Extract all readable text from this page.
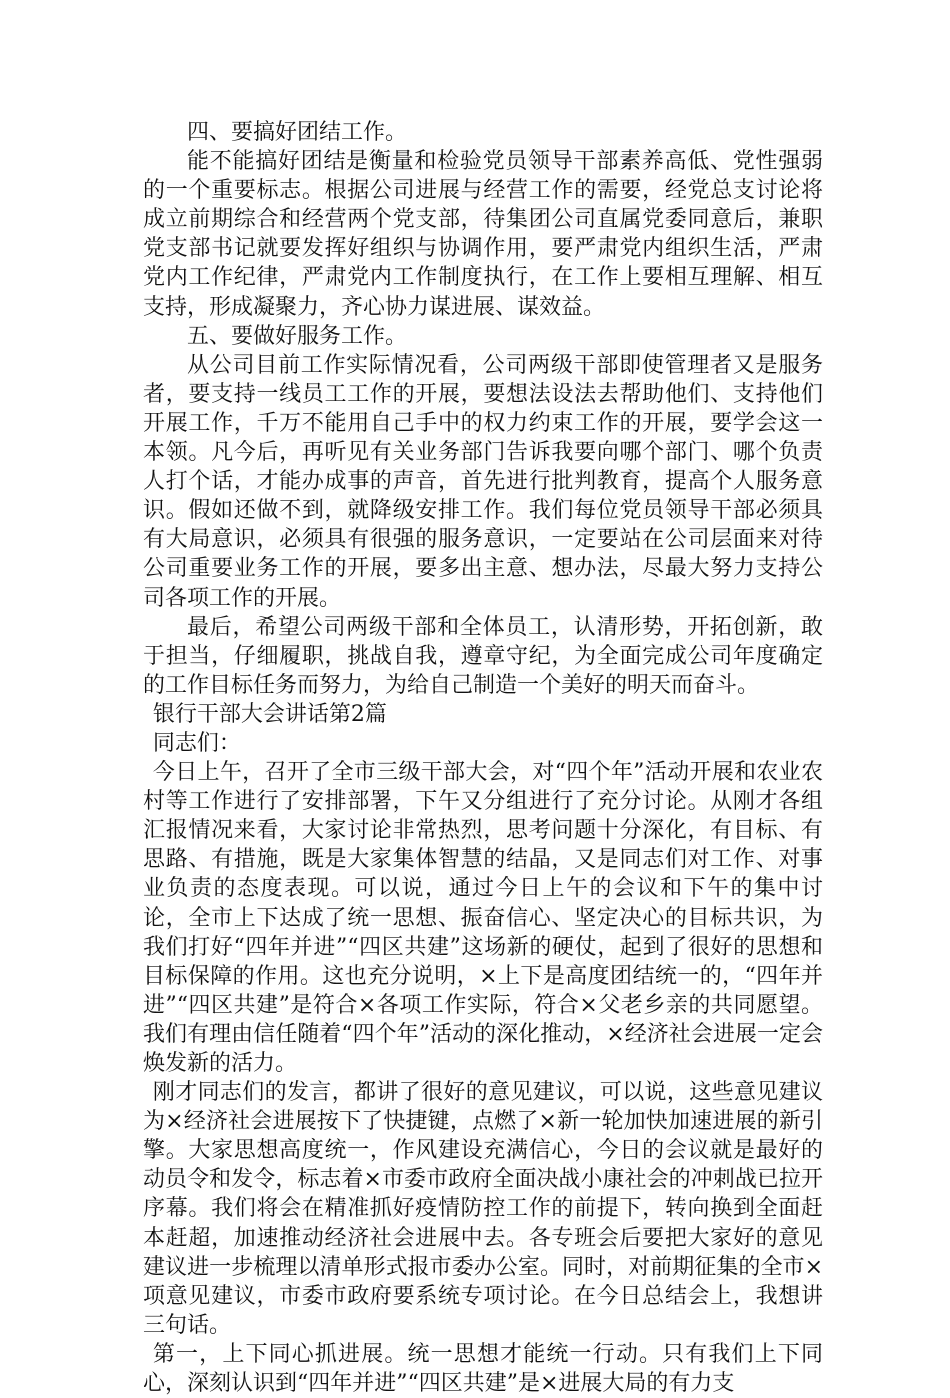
四、要搞好团结工作。

能不能搞好团结是衡量和检验党员领导干部素养高低、党性强弱的一个重要标志。根据公司进展与经营工作的需要，经党总支讨论将成立前期综合和经营两个党支部，待集团公司直属党委同意后，兼职党支部书记就要发挥好组织与协调作用，要严肃党内组织生活，严肃党内工作纪律，严肃党内工作制度执行，在工作上要相互理解、相互支持，形成凝聚力，齐心协力谋进展、谋效益。

五、要做好服务工作。

从公司目前工作实际情况看，公司两级干部即使管理者又是服务者，要支持一线员工工作的开展，要想法设法去帮助他们、支持他们开展工作，千万不能用自己手中的权力约束工作的开展，要学会这一本领。凡今后，再听见有关业务部门告诉我要向哪个部门、哪个负责人打个话，才能办成事的声音，首先进行批判教育，提高个人服务意识。假如还做不到，就降级安排工作。我们每位党员领导干部必须具有大局意识，必须具有很强的服务意识，一定要站在公司层面来对待公司重要业务工作的开展，要多出主意、想办法，尽最大努力支持公司各项工作的开展。

最后，希望公司两级干部和全体员工，认清形势，开拓创新，敢于担当，仔细履职，挑战自我，遵章守纪，为全面完成公司年度确定的工作目标任务而努力，为给自己制造一个美好的明天而奋斗。

银行干部大会讲话第2篇

同志们：

今日上午，召开了全市三级干部大会，对“四个年”活动开展和农业农村等工作进行了安排部署，下午又分组进行了充分讨论。从刚才各组汇报情况来看，大家讨论非常热烈，思考问题十分深化，有目标、有思路、有措施，既是大家集体智慧的结晶，又是同志们对工作、对事业负责的态度表现。可以说，通过今日上午的会议和下午的集中讨论，全市上下达成了统一思想、振奋信心、坚定决心的目标共识，为我们打好“四年并进”“四区共建”这场新的硬仗，起到了很好的思想和目标保障的作用。这也充分说明，×上下是高度团结统一的，“四年并进”“四区共建”是符合×各项工作实际，符合×父老乡亲的共同愿望。我们有理由信任随着“四个年”活动的深化推动，×经济社会进展一定会焕发新的活力。

刚才同志们的发言，都讲了很好的意见建议，可以说，这些意见建议为×经济社会进展按下了快捷键，点燃了×新一轮加快加速进展的新引擎。大家思想高度统一，作风建设充满信心，今日的会议就是最好的动员令和发令，标志着×市委市政府全面决战小康社会的冲刺战已拉开序幕。我们将会在精准抓好疫情防控工作的前提下，转向换到全面赶本赶超，加速推动经济社会进展中去。各专班会后要把大家好的意见建议进一步梳理以清单形式报市委办公室。同时，对前期征集的全市×项意见建议，市委市政府要系统专项讨论。在今日总结会上，我想讲三句话。

第一，上下同心抓进展。统一思想才能统一行动。只有我们上下同心，深刻认识到“四年并进”“四区共建”是×进展大局的有力支
